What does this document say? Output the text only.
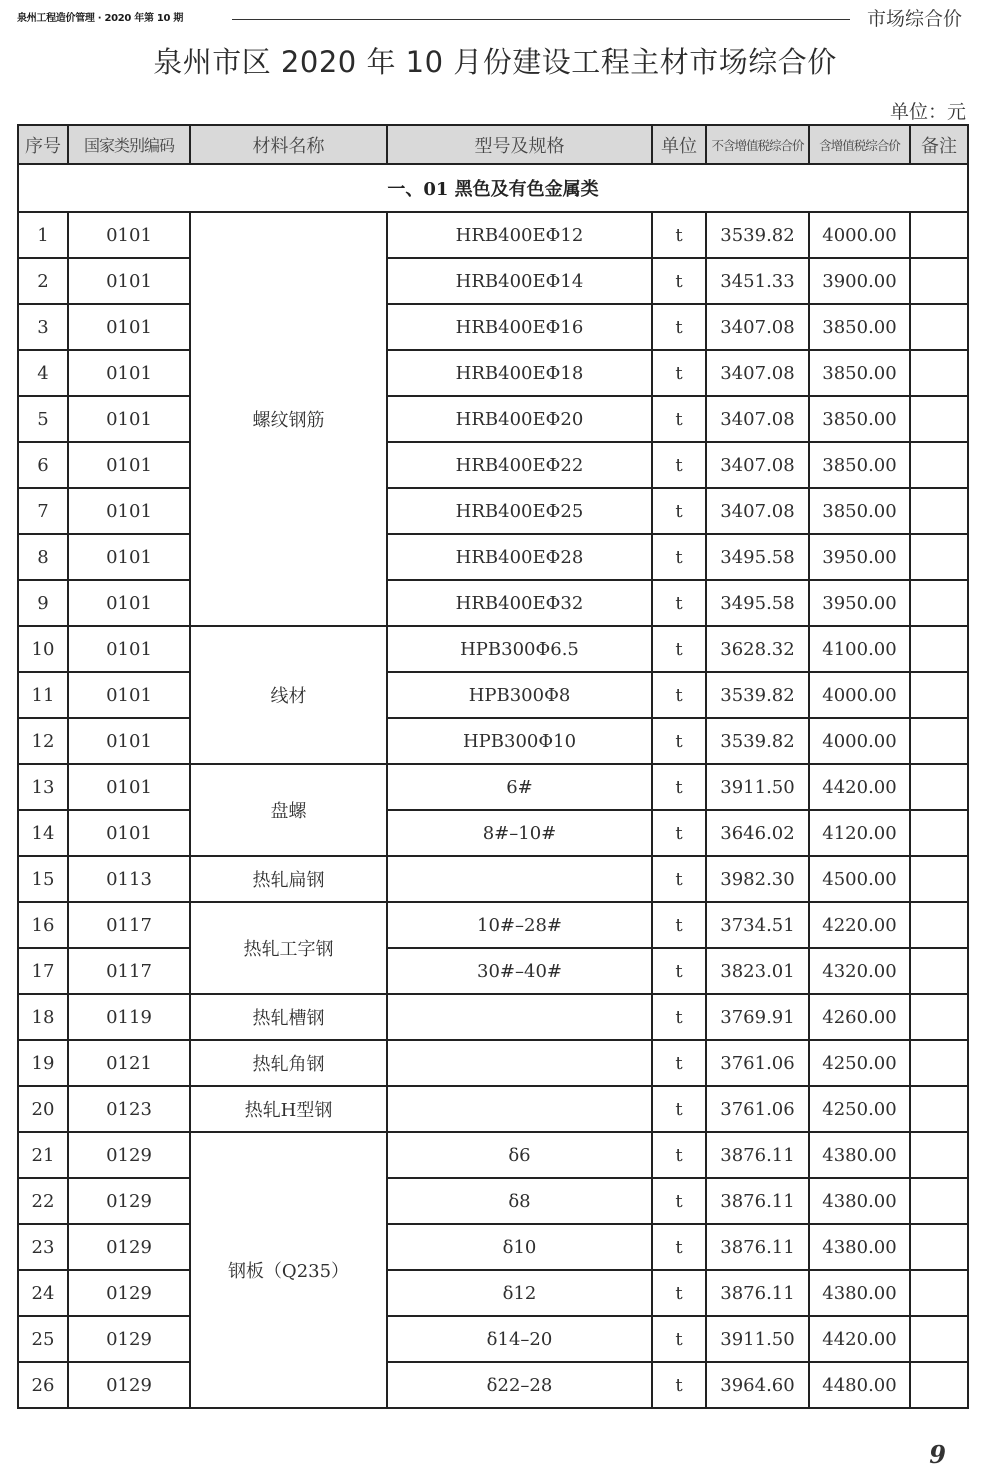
泉州工程造价管理 · 2020 年第 10 期	市场综合价
泉州市区 2020 年 10 月份建设工程主材市场综合价
单位：元
序号	国家类别编码	材料名称	型号及规格	单位	不含增值税综合价	含增值税综合价	备注
一、01 黑色及有色金属类							
1	0101	螺纹钢筋	HRB400EΦ12	t	3539.82	4000.00	
2	0101		HRB400EΦ14	t	3451.33	3900.00	
3	0101		HRB400EΦ16	t	3407.08	3850.00	
4	0101		HRB400EΦ18	t	3407.08	3850.00	
5	0101		HRB400EΦ20	t	3407.08	3850.00	
6	0101		HRB400EΦ22	t	3407.08	3850.00	
7	0101		HRB400EΦ25	t	3407.08	3850.00	
8	0101		HRB400EΦ28	t	3495.58	3950.00	
9	0101		HRB400EΦ32	t	3495.58	3950.00	
10	0101	线材	HPB300Φ6.5	t	3628.32	4100.00	
11	0101		HPB300Φ8	t	3539.82	4000.00	
12	0101		HPB300Φ10	t	3539.82	4000.00	
13	0101	盘螺	6#	t	3911.50	4420.00	
14	0101		8#–10#	t	3646.02	4120.00	
15	0113	热轧扁钢		t	3982.30	4500.00	
16	0117	热轧工字钢	10#–28#	t	3734.51	4220.00	
17	0117		30#–40#	t	3823.01	4320.00	
18	0119	热轧槽钢		t	3769.91	4260.00	
19	0121	热轧角钢		t	3761.06	4250.00	
20	0123	热轧H型钢		t	3761.06	4250.00	
21	0129	钢板（Q235）	δ6	t	3876.11	4380.00	
22	0129		δ8	t	3876.11	4380.00	
23	0129		δ10	t	3876.11	4380.00	
24	0129		δ12	t	3876.11	4380.00	
25	0129		δ14–20	t	3911.50	4420.00	
26	0129		δ22–28	t	3964.60	4480.00	
9
